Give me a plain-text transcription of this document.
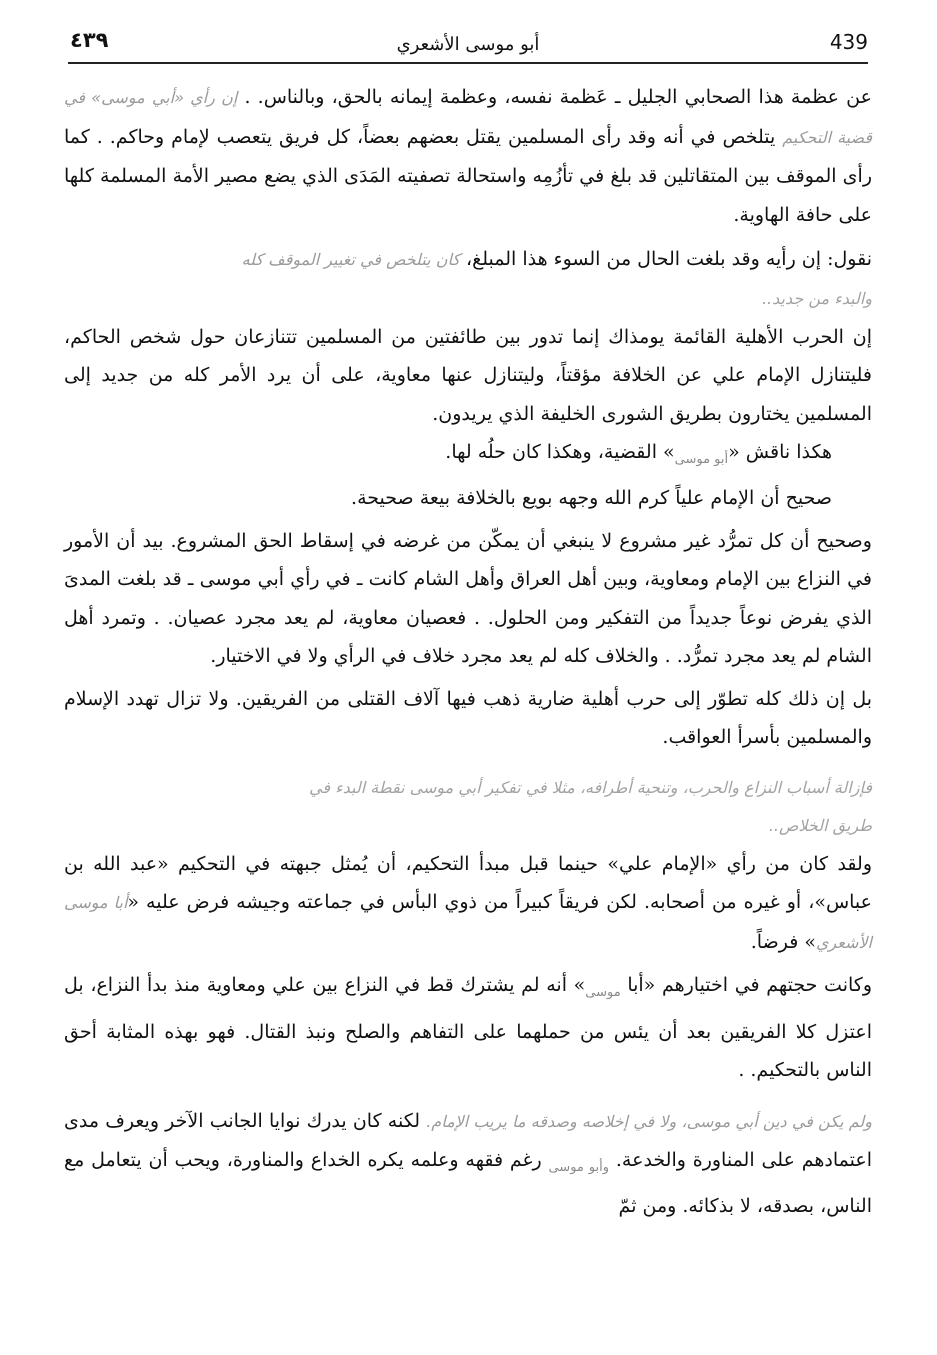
439
أبو موسى الأشعري
٤٣٩

عن عظمة هذا الصحابي الجليل ـ عَظمة نفسه، وعظمة إيمانه بالحق، وبالناس. . إن رأي «أبي موسى» في قضية التحكيم يتلخص في أنه وقد رأى المسلمين يقتل بعضهم بعضاً، كل فريق يتعصب لإمام وحاكم. . كما رأى الموقف بين المتقاتلين قد بلغ في تأزُمِه واستحالة تصفيته المَدَى الذي يضع مصير الأمة المسلمة كلها على حافة الهاوية.

نقول: إن رأيه وقد بلغت الحال من السوء هذا المبلغ، كان يتلخص في تغيير الموقف كله

والبدء من جديد..

إن الحرب الأهلية القائمة يومذاك إنما تدور بين طائفتين من المسلمين تتنازعان حول شخص الحاكم، فليتنازل الإمام علي عن الخلافة مؤقتاً، وليتنازل عنها معاوية، على أن يرد الأمر كله من جديد إلى المسلمين يختارون بطريق الشورى الخليفة الذي يريدون.

هكذا ناقش «$_{أبو موسى}$» القضية، وهكذا كان حلُه لها.

صحيح أن الإمام علياً كرم الله وجهه بويع بالخلافة بيعة صحيحة.

وصحيح أن كل تمرُّد غير مشروع لا ينبغي أن يمكّن من غرضه في إسقاط الحق المشروع. بيد أن الأمور في النزاع بين الإمام ومعاوية، وبين أهل العراق وأهل الشام كانت ـ في رأي أبي موسى ـ قد بلغت المدىَ الذي يفرض نوعاً جديداً من التفكير ومن الحلول. . فعصيان معاوية، لم يعد مجرد عصيان. . وتمرد أهل الشام لم يعد مجرد تمرُّد. . والخلاف كله لم يعد مجرد خلاف في الرأي ولا في الاختيار.

بل إن ذلك كله تطوّر إلى حرب أهلية ضارية ذهب فيها آلاف القتلى من الفريقين. ولا تزال تهدد الإسلام والمسلمين بأسرأ العواقب.

فإزالة أسباب النزاع والحرب، وتنحية أطرافه، مثلا في تفكير أبي موسى نقطة البدء في

طريق الخلاص..

ولقد كان من رأي «الإمام علي» حينما قبل مبدأ التحكيم، أن يُمثل جبهته في التحكيم «عبد الله بن عباس»، أو غيره من أصحابه. لكن فريقاً كبيراً من ذوي البأس في جماعته وجيشه فرض عليه «أبا موسى الأشعري» فرضاً.

وكانت حجتهم في اختيارهم «أبا $_{موسى}$» أنه لم يشترك قط في النزاع بين علي ومعاوية منذ بدأ النزاع، بل اعتزل كلا الفريقين بعد أن يئس من حملهما على التفاهم والصلح ونبذ القتال. فهو بهذه المثابة أحق الناس بالتحكيم. .

ولم يكن في دين أبي موسى، ولا في إخلاصه وصدقه ما يريب الإمام. لكنه كان يدرك نوايا الجانب الآخر ويعرف مدى اعتمادهم على المناورة والخدعة. $_{وأبو موسى}$ رغم فقهه وعلمه يكره الخداع والمناورة، ويحب أن يتعامل مع الناس، بصدقه، لا بذكائه. ومن ثمّ
